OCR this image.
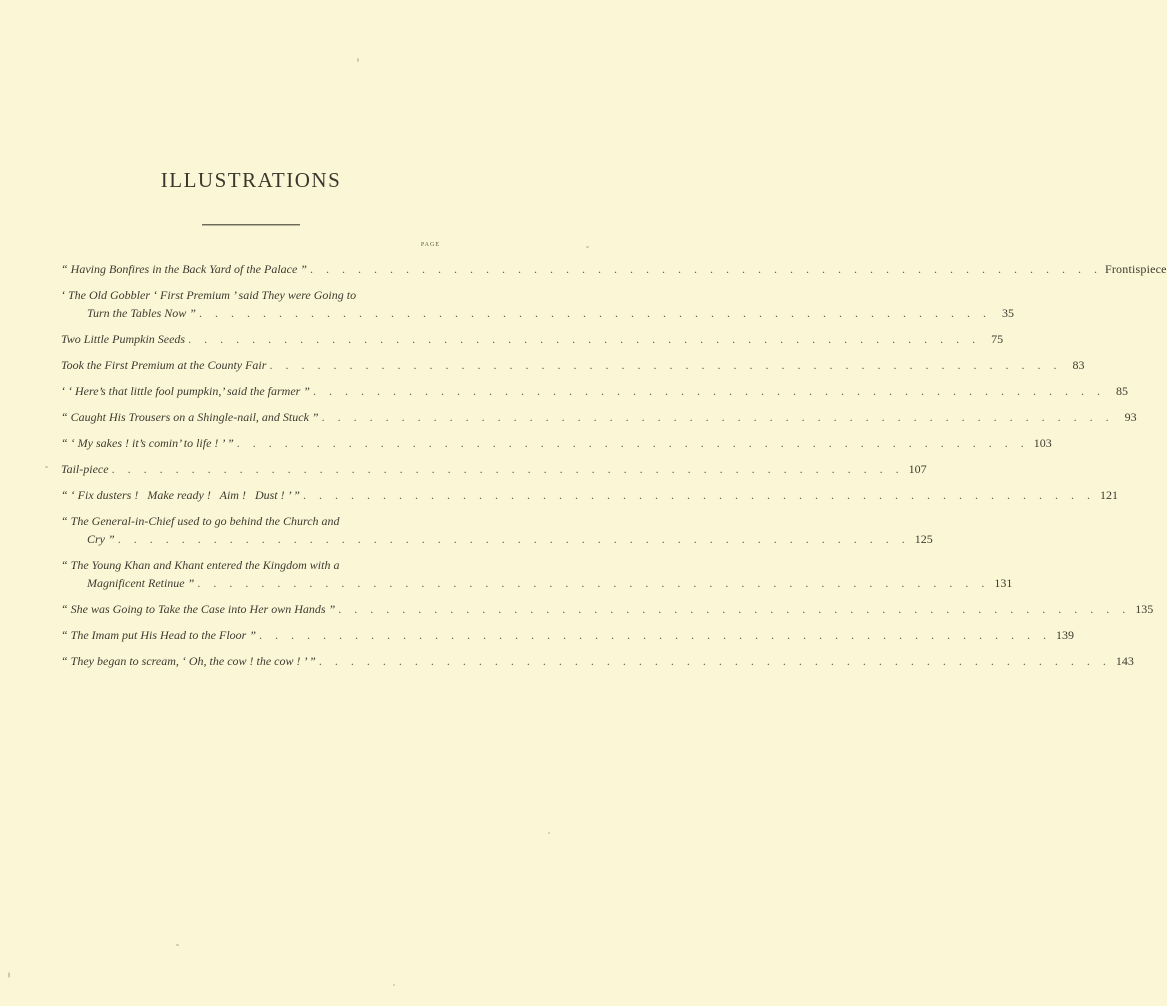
ILLUSTRATIONS
PAGE
“ Having Bonfires in the Back Yard of the Palace ” . . .	Frontispiece
‘ The Old Gobbler ‘ First Premium ’ said They were Going to
Turn the Tables Now ” . . .	35
Two Little Pumpkin Seeds . . .	75
Took the First Premium at the County Fair . . .	83
‘ ‘ Here’s that little fool pumpkin,’ said the farmer ” . . .	85
“ Caught His Trousers on a Shingle-nail, and Stuck ” . . .	93
“ ‘ My sakes ! it’s comin’ to life ! ’ ” . . .	103
Tail-piece . . .	107
“ ‘ Fix dusters !   Make ready !   Aim !   Dust ! ’ ” . . .	121
“ The General-in-Chief used to go behind the Church and
Cry ” . . .	125
“ The Young Khan and Khant entered the Kingdom with a
Magnificent Retinue ” . . .	131
“ She was Going to Take the Case into Her own Hands ” . . .	135
“ The Imam put His Head to the Floor ” . . .	139
“ They began to scream, ‘ Oh, the cow ! the cow ! ’ ” . . .	143
